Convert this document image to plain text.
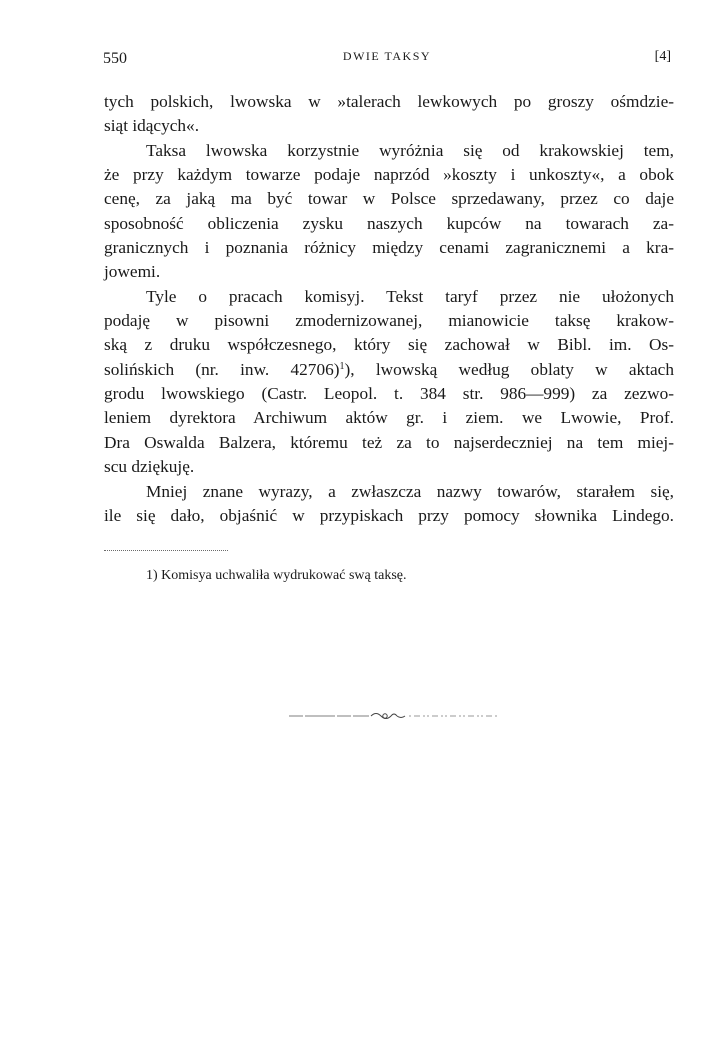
550	DWIE TAKSY	[4]
tych polskich, lwowska w »talerach lewkowych po groszy ośmdzie-
siąt idących«.
Taksa lwowska korzystnie wyróżnia się od krakowskiej tem,
że przy każdym towarze podaje naprzód »koszty i unkoszty«, a obok
cenę, za jaką ma być towar w Polsce sprzedawany, przez co daje
sposobność obliczenia zysku naszych kupców na towarach za-
granicznych i poznania różnicy między cenami zagranicznemi a kra-
jowemi.
Tyle o pracach komisyj. Tekst taryf przez nie ułożonych
podaję w pisowni zmodernizowanej, mianowicie taksę krakow-
ską z druku współczesnego, który się zachował w Bibl. im. Os-
solińskich (nr. inw. 42706)$^1$), lwowską według oblaty w aktach
grodu lwowskiego (Castr. Leopol. t. 384 str. 986—999) za zezwo-
leniem dyrektora Archiwum aktów gr. i ziem. we Lwowie, Prof.
Dra Oswalda Balzera, któremu też za to najserdeczniej na tem miej-
scu dziękuję.
Mniej znane wyrazy, a zwłaszcza nazwy towarów, starałem się,
ile się dało, objaśnić w przypiskach przy pomocy słownika Lindego.
1) Komisya uchwaliła wydrukować swą taksę.
